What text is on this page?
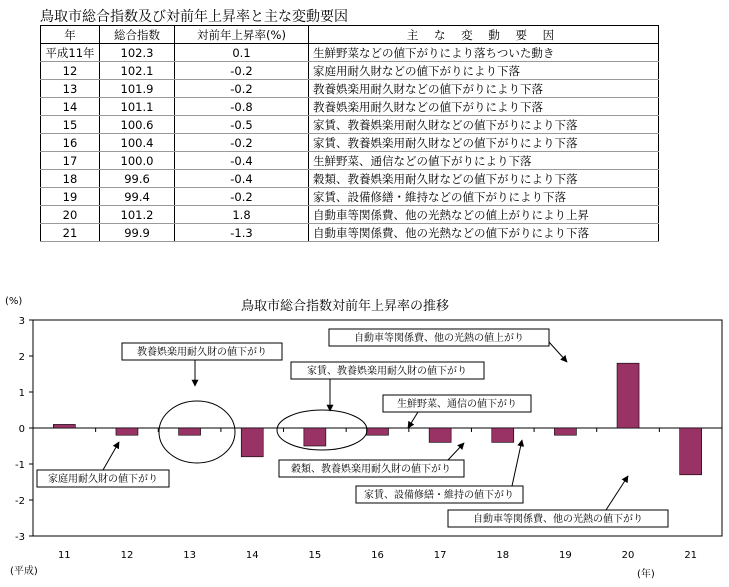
鳥取市総合指数及び対前年上昇率と主な変動要因
年	総合指数	対前年上昇率(%)	主 な 変 動 要 因
平成11年	102.3	0.1	生鮮野菜などの値下がりにより落ちついた動き
12	102.1	-0.2	家庭用耐久財などの値下がりにより下落
13	101.9	-0.2	教養娯楽用耐久財などの値下がりにより下落
14	101.1	-0.8	教養娯楽用耐久財などの値下がりにより下落
15	100.6	-0.5	家賃、教養娯楽用耐久財などの値下がりにより下落
16	100.4	-0.2	家賃、教養娯楽用耐久財などの値下がりにより下落
17	100.0	-0.4	生鮮野菜、通信などの値下がりにより下落
18	99.6	-0.4	穀類、教養娯楽用耐久財などの値下がりにより下落
19	99.4	-0.2	家賃、設備修繕・維持などの値下がりにより下落
20	101.2	1.8	自動車等関係費、他の光熱などの値上がりにより上昇
21	99.9	-1.3	自動車等関係費、他の光熱などの値下がりにより下落
(%)	鳥取市総合指数対前年上昇率の推移
3
2
1
0
-1
-2
-3
11	12	13	14	15	16	17	18	19	20	21
家庭用耐久財の値下がり
教養娯楽用耐久財の値下がり
家賃、教養娯楽用耐久財の値下がり
生鮮野菜、通信の値下がり
穀類、教養娯楽用耐久財の値下がり
家賃、設備修繕・維持の値下がり
自動車等関係費、他の光熱の値上がり
自動車等関係費、他の光熱の値下がり
(平成)	(年)
